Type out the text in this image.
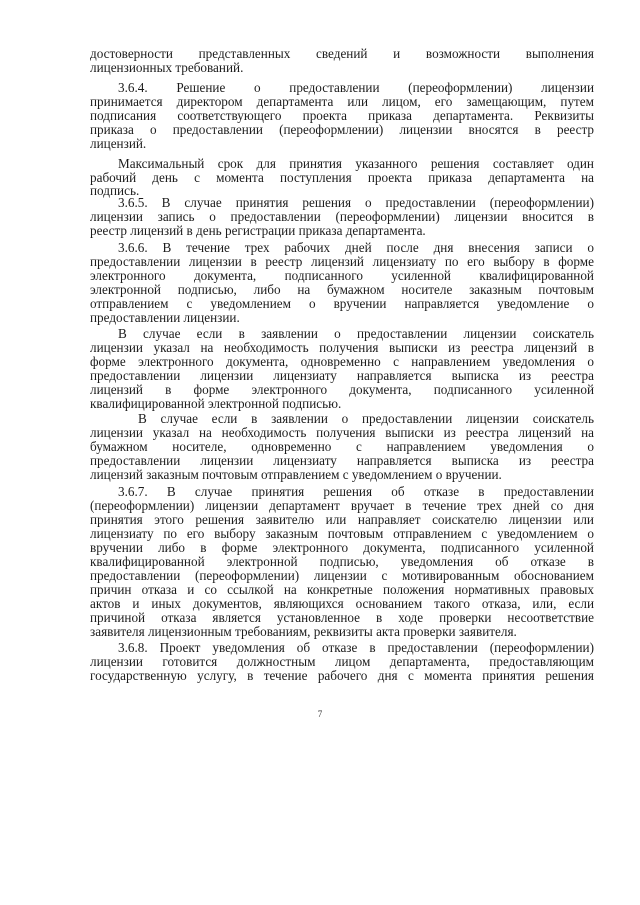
достоверности представленных сведений и возможности выполнения
лицензионных требований.
3.6.4. Решение о предоставлении (переоформлении) лицензии
принимается директором департамента или лицом, его замещающим, путем
подписания соответствующего проекта приказа департамента. Реквизиты
приказа о предоставлении (переоформлении) лицензии вносятся в реестр
лицензий.
Максимальный срок для принятия указанного решения составляет один
рабочий день с момента поступления проекта приказа департамента на
подпись.
3.6.5. В случае принятия решения о предоставлении (переоформлении)
лицензии запись о предоставлении (переоформлении) лицензии вносится в
реестр лицензий в день регистрации приказа департамента.
3.6.6. В течение трех рабочих дней после дня внесения записи о
предоставлении лицензии в реестр лицензий лицензиату по его выбору в форме
электронного документа, подписанного усиленной квалифицированной
электронной подписью, либо на бумажном носителе заказным почтовым
отправлением с уведомлением о вручении направляется уведомление о
предоставлении лицензии.
В случае если в заявлении о предоставлении лицензии соискатель
лицензии указал на необходимость получения выписки из реестра лицензий в
форме электронного документа, одновременно с направлением уведомления о
предоставлении лицензии лицензиату направляется выписка из реестра
лицензий в форме электронного документа, подписанного усиленной
квалифицированной электронной подписью.
В случае если в заявлении о предоставлении лицензии соискатель
лицензии указал на необходимость получения выписки из реестра лицензий на
бумажном носителе, одновременно с направлением уведомления о
предоставлении лицензии лицензиату направляется выписка из реестра
лицензий заказным почтовым отправлением с уведомлением о вручении.
3.6.7. В случае принятия решения об отказе в предоставлении
(переоформлении) лицензии департамент вручает в течение трех дней со дня
принятия этого решения заявителю или направляет соискателю лицензии или
лицензиату по его выбору заказным почтовым отправлением с уведомлением о
вручении либо в форме электронного документа, подписанного усиленной
квалифицированной электронной подписью, уведомления об отказе в
предоставлении (переоформлении) лицензии с мотивированным обоснованием
причин отказа и со ссылкой на конкретные положения нормативных правовых
актов и иных документов, являющихся основанием такого отказа, или, если
причиной отказа является установленное в ходе проверки несоответствие
заявителя лицензионным требованиям, реквизиты акта проверки заявителя.
3.6.8. Проект уведомления об отказе в предоставлении (переоформлении)
лицензии готовится должностным лицом департамента, предоставляющим
государственную услугу, в течение рабочего дня с момента принятия решения
7
